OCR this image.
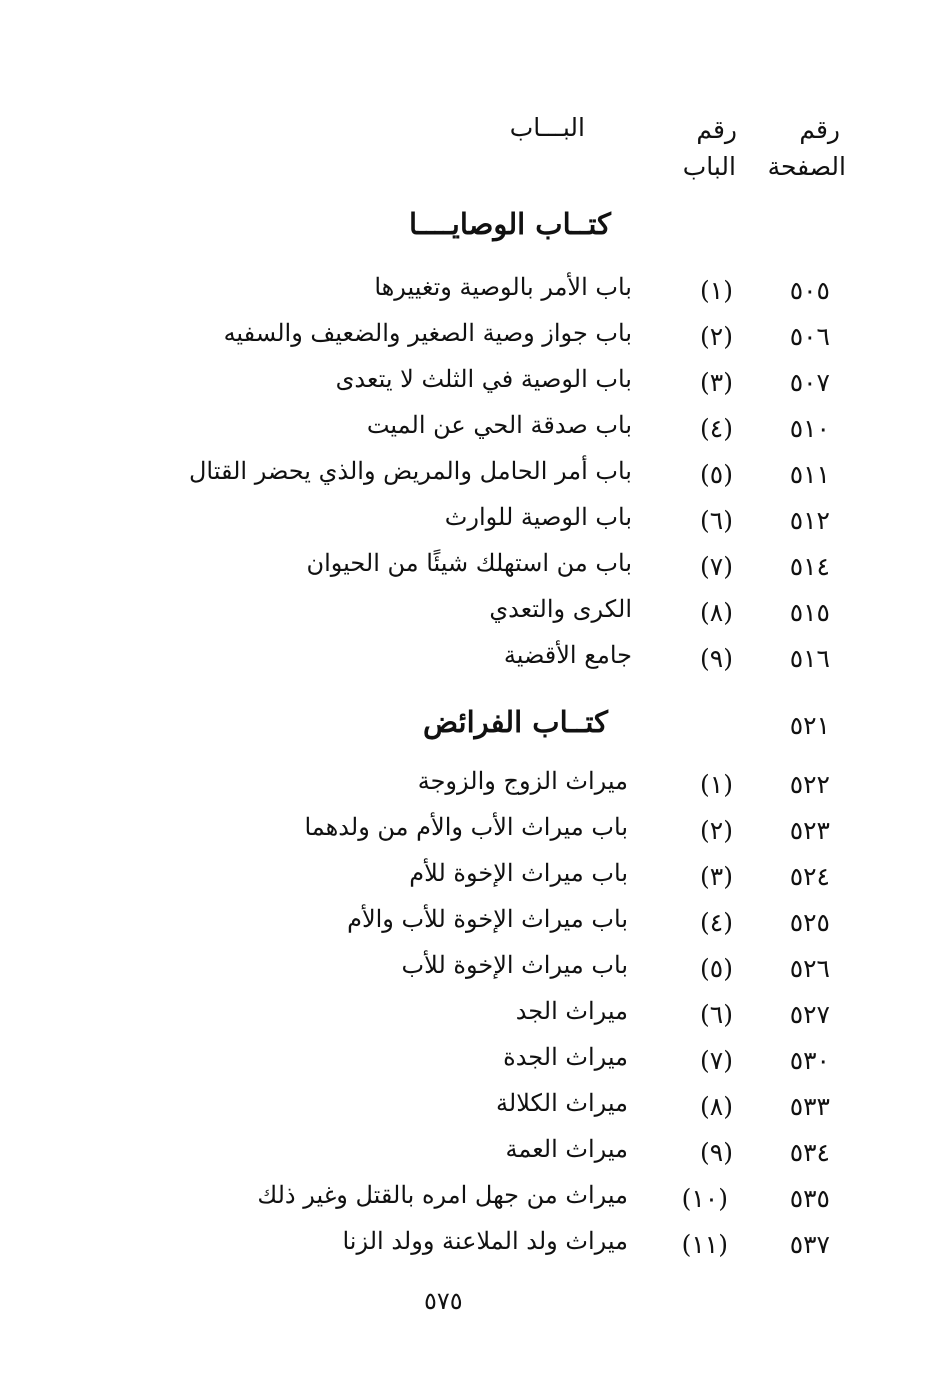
رقم
الصفحة
رقم
الباب
البـــاب
كتــاب الوصايــــا
٥٠٥
(١)
باب الأمر بالوصية وتغييرها
٥٠٦
(٢)
باب جواز وصية الصغير والضعيف والسفيه
٥٠٧
(٣)
باب الوصية في الثلث لا يتعدى
٥١٠
(٤)
باب صدقة الحي عن الميت
٥١١
(٥)
باب أمر الحامل والمريض والذي يحضر القتال
٥١٢
(٦)
باب الوصية للوارث
٥١٤
(٧)
باب من استهلك شيئًا من الحيوان
٥١٥
(٨)
الكرى والتعدي
٥١٦
(٩)
جامع الأقضية
٥٢١
كتــاب الفرائض
٥٢٢
(١)
ميراث الزوج والزوجة
٥٢٣
(٢)
باب ميراث الأب والأم من ولدهما
٥٢٤
(٣)
باب ميراث الإخوة للأم
٥٢٥
(٤)
باب ميراث الإخوة للأب والأم
٥٢٦
(٥)
باب ميراث الإخوة للأب
٥٢٧
(٦)
ميراث الجد
٥٣٠
(٧)
ميراث الجدة
٥٣٣
(٨)
ميراث الكلالة
٥٣٤
(٩)
ميراث العمة
٥٣٥
(١٠)
ميراث من جهل امره بالقتل وغير ذلك
٥٣٧
(١١)
ميراث ولد الملاعنة وولد الزنا
٥٧٥
